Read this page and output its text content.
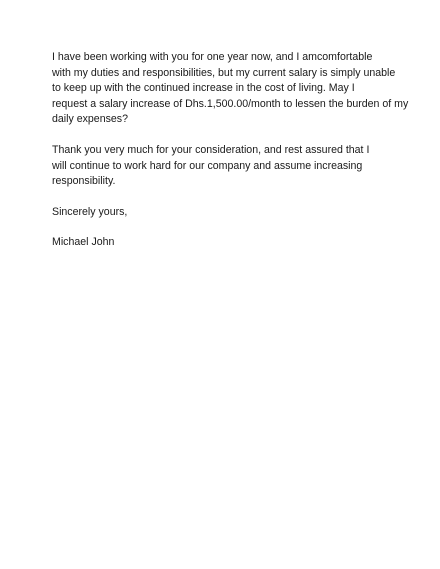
I have been working with you for one year now, and I amcomfortable
with my duties and responsibilities, but my current salary is simply unable
to keep up with the continued increase in the cost of living. May I
request a salary increase of Dhs.1,500.00/month to lessen the burden of my
daily expenses?

Thank you very much for your consideration, and rest assured that I
will continue to work hard for our company and assume increasing
responsibility.

Sincerely yours,

Michael John
